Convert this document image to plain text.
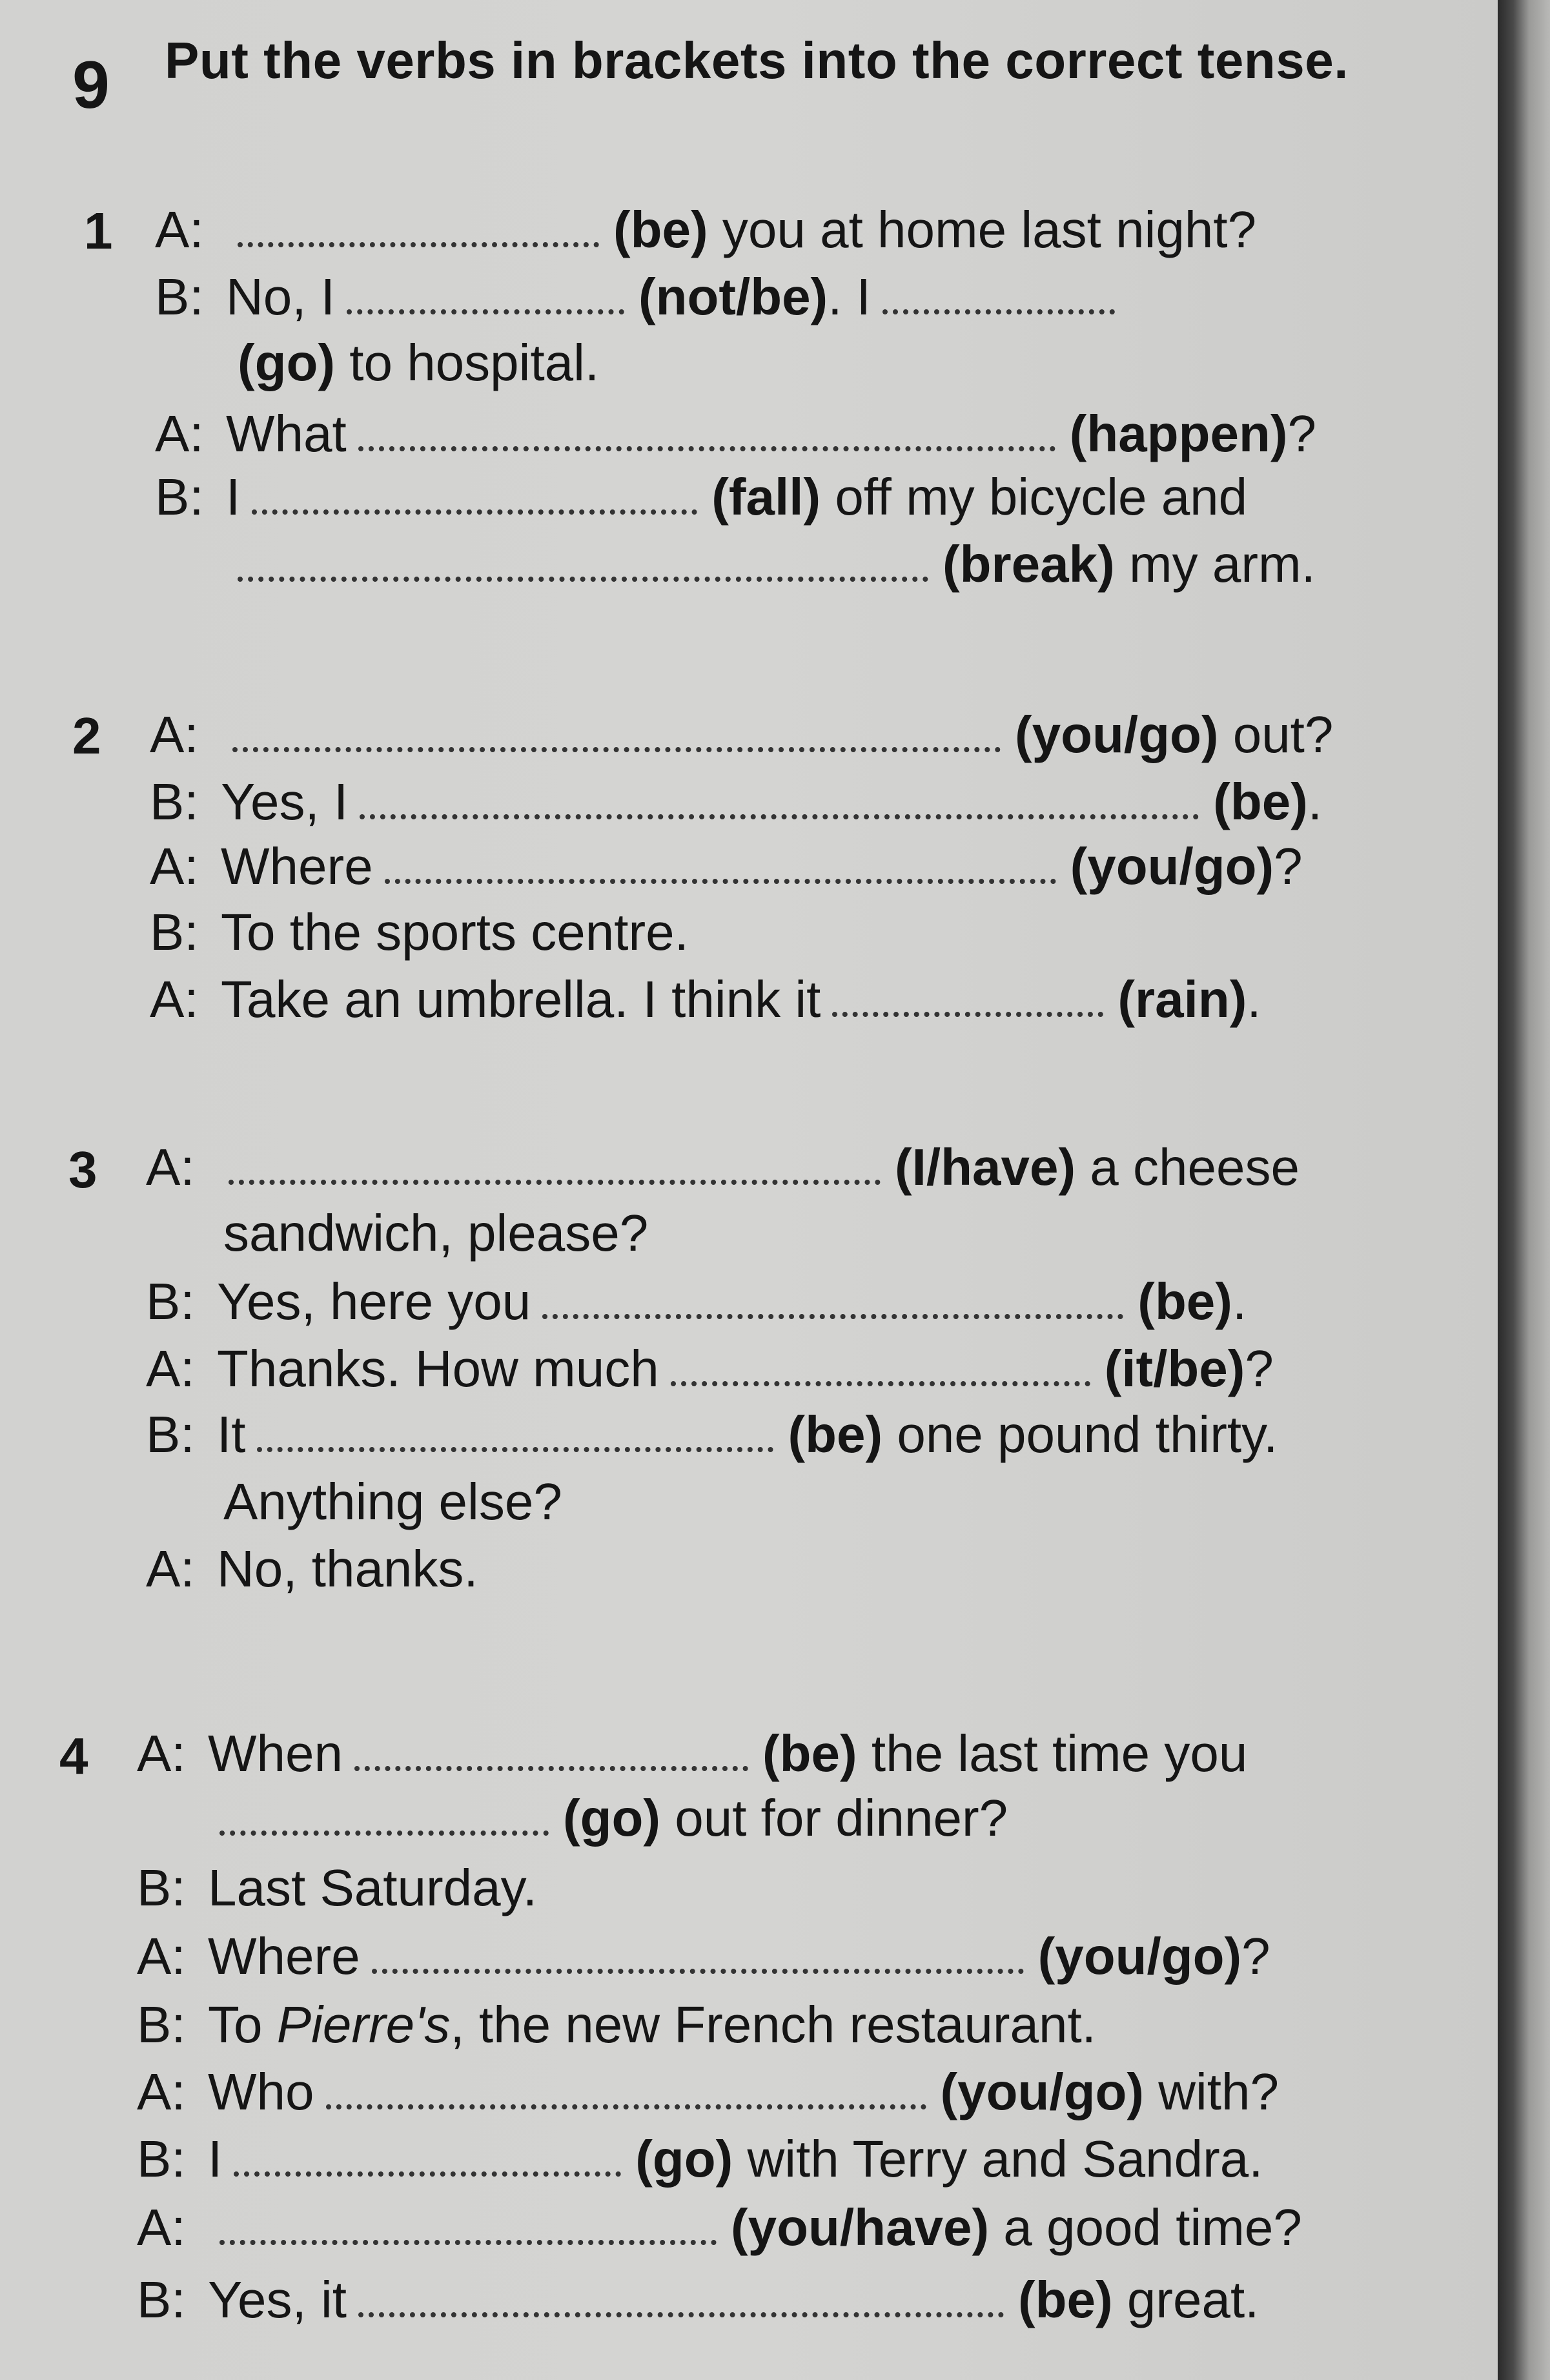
9 Put the verbs in brackets into the correct tense.
1 A:	(be) you at home last night?
B: No, I	(not/be). I
(go) to hospital.
A: What	(happen)?
B: I	(fall) off my bicycle and
(break) my arm.
2 A:	(you/go) out?
B: Yes, I	(be).
A: Where	(you/go)?
B: To the sports centre.
A: Take an umbrella. I think it	(rain).
3 A:	(I/have) a cheese
sandwich, please?
B: Yes, here you	(be).
A: Thanks. How much	(it/be)?
B: It	(be) one pound thirty.
Anything else?
A: No, thanks.
4 A: When	(be) the last time you
(go) out for dinner?
B: Last Saturday.
A: Where	(you/go)?
B: To Pierre's, the new French restaurant.
A: Who	(you/go) with?
B: I	(go) with Terry and Sandra.
A:	(you/have) a good time?
B: Yes, it	(be) great.
